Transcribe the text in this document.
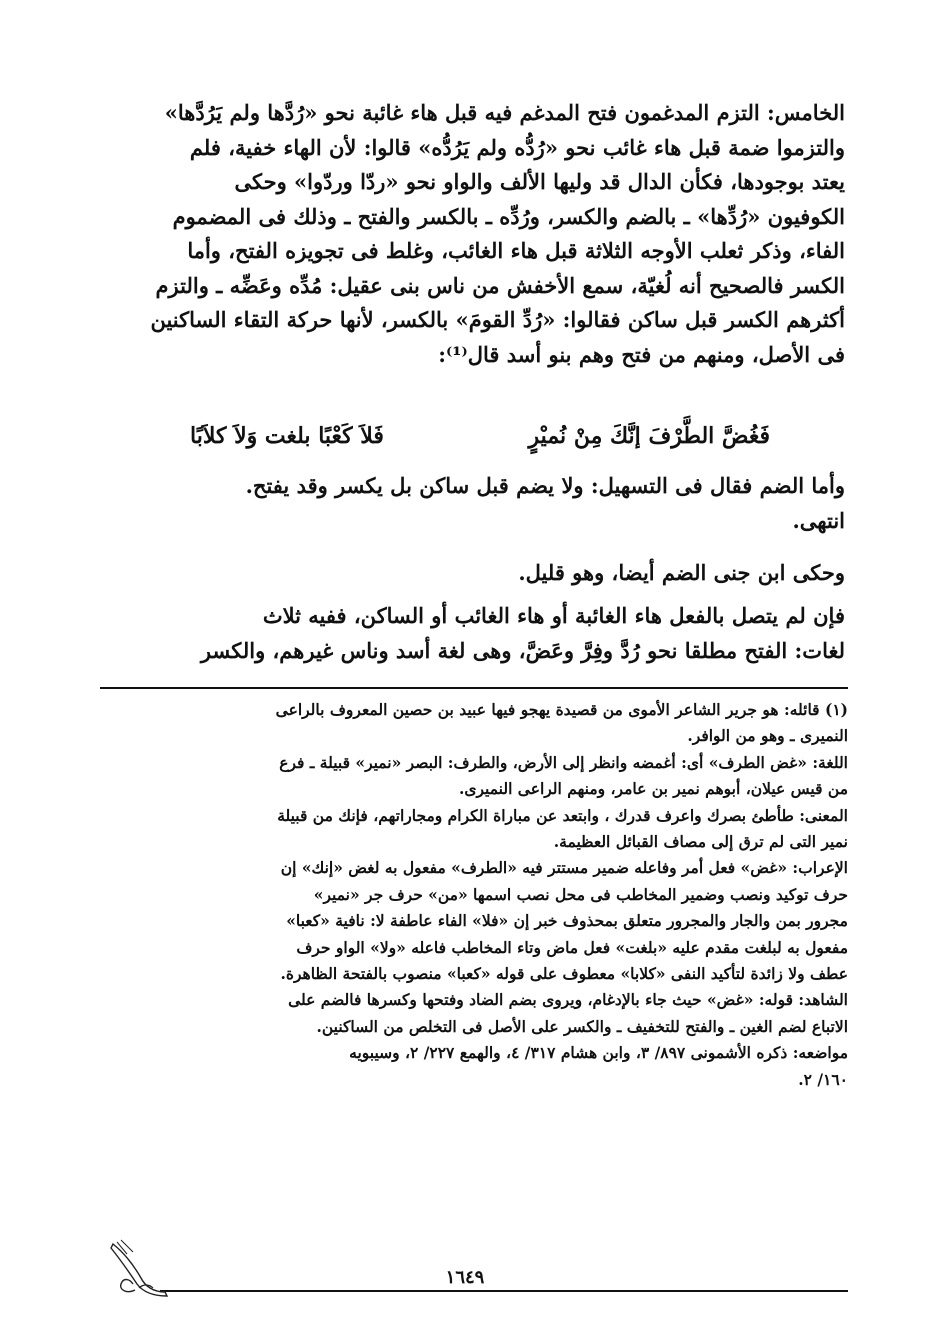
الخامس: التزم المدغمون فتح المدغم فيه قبل هاء غائبة نحو «رُدَّها ولم يَرُدَّها»
والتزموا ضمة قبل هاء غائب نحو «رُدُّه ولم يَرُدُّه» قالوا: لأن الهاء خفية، فلم
يعتد بوجودها، فكأن الدال قد وليها الألف والواو نحو «ردّا وردّوا» وحكى
الكوفيون «رُدِّها» ـ بالضم والكسر، ورُدِّه ـ بالكسر والفتح ـ وذلك فى المضموم
الفاء، وذكر ثعلب الأوجه الثلاثة قبل هاء الغائب، وغلط فى تجويزه الفتح، وأما
الكسر فالصحيح أنه لُغيّة، سمع الأخفش من ناس بنى عقيل: مُدِّه وعَضِّه ـ والتزم
أكثرهم الكسر قبل ساكن فقالوا: «رُدِّ القومَ» بالكسر، لأنها حركة التقاء الساكنين
فى الأصل، ومنهم من فتح وهم بنو أسد قال⁽¹⁾:
فَغُضَّ الطَّرْفَ إنَّكَ مِنْ نُميْرٍ
فَلاَ كَعْبًا بلغت وَلاَ كلاَبًا
وأما الضم فقال فى التسهيل: ولا يضم قبل ساكن بل يكسر وقد يفتح.
انتهى.
وحكى ابن جنى الضم أيضا، وهو قليل.
فإن لم يتصل بالفعل هاء الغائبة أو هاء الغائب أو الساكن، ففيه ثلاث
لغات: الفتح مطلقا نحو رُدَّ وفِرَّ وعَضَّ، وهى لغة أسد وناس غيرهم، والكسر

(١) قائله: هو جرير الشاعر الأموى من قصيدة يهجو فيها عبيد بن حصين المعروف بالراعى
النميرى ـ وهو من الوافر.

اللغة: «غض الطرف» أى: أغمضه وانظر إلى الأرض، والطرف: البصر «نمير» قبيلة ـ فرع
من قيس عيلان، أبوهم نمير بن عامر، ومنهم الراعى النميرى.

المعنى: طأطئ بصرك واعرف قدرك ، وابتعد عن مباراة الكرام ومجاراتهم، فإنك من قبيلة
نمير التى لم ترق إلى مصاف القبائل العظيمة.

الإعراب: «غض» فعل أمر وفاعله ضمير مستتر فيه «الطرف» مفعول به لغض «إنك» إن
حرف توكيد ونصب وضمير المخاطب فى محل نصب اسمها «من» حرف جر «نمير»
مجرور بمن والجار والمجرور متعلق بمحذوف خبر إن «فلا» الفاء عاطفة لا: نافية «كعبا»
مفعول به لبلغت مقدم عليه «بلغت» فعل ماض وتاء المخاطب فاعله «ولا» الواو حرف
عطف ولا زائدة لتأكيد النفى «كلابا» معطوف على قوله «كعبا» منصوب بالفتحة الظاهرة.

الشاهد: قوله: «غض» حيث جاء بالإدغام، ويروى بضم الضاد وفتحها وكسرها فالضم على
الاتباع لضم الغين ـ والفتح للتخفيف ـ والكسر على الأصل فى التخلص من الساكنين.

مواضعه: ذكره الأشمونى ٨٩٧/ ٣، وابن هشام ٣١٧/ ٤، والهمع ٢٢٧/ ٢، وسيبويه
١٦٠/ ٢.

١٦٤٩
